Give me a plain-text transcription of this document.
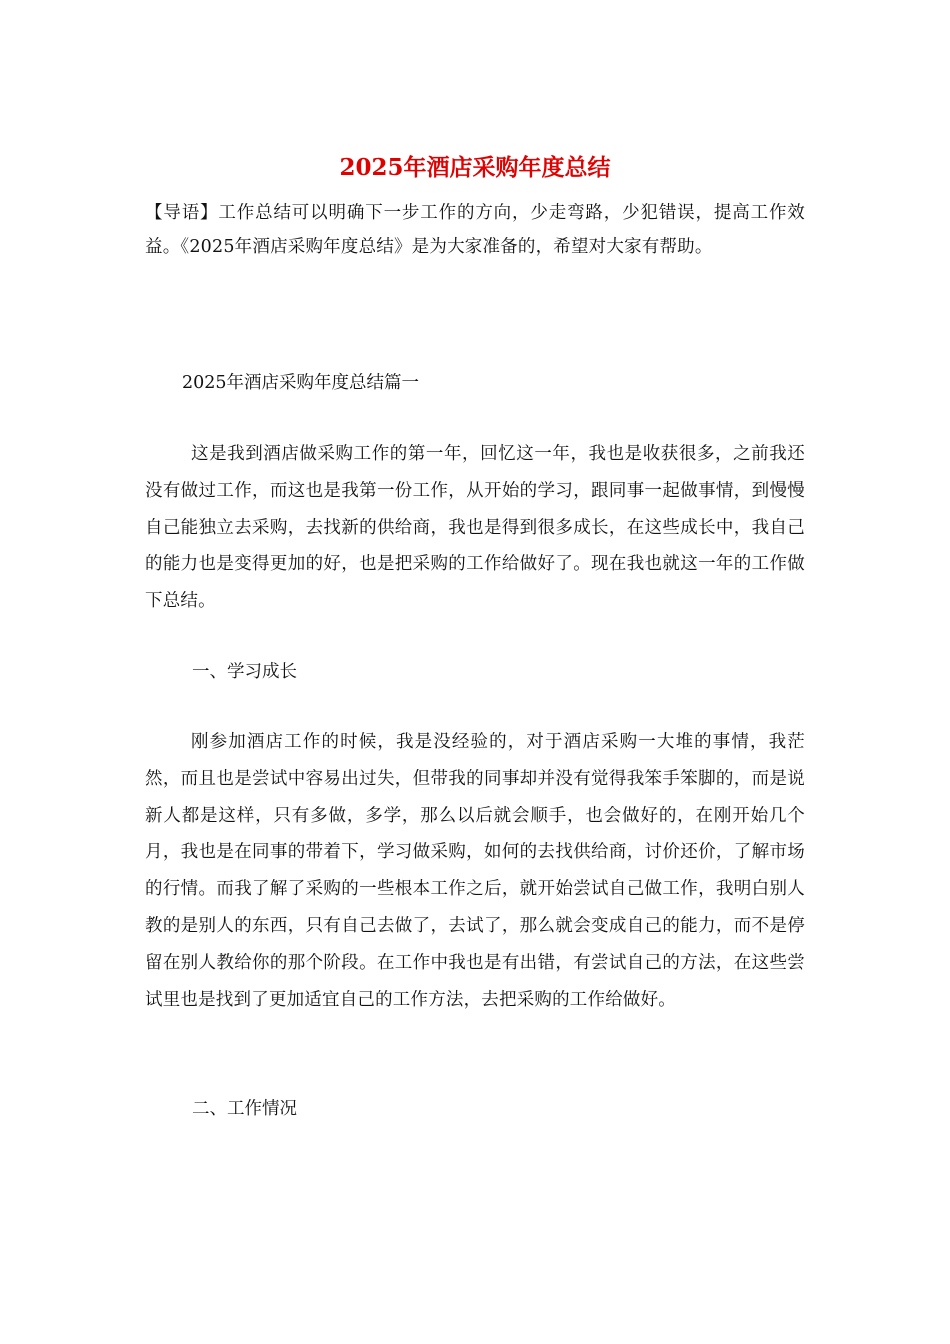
2025年酒店采购年度总结
【导语】工作总结可以明确下一步工作的方向，少走弯路，少犯错误，提高工作效益。《2025年酒店采购年度总结》是为大家准备的，希望对大家有帮助。
2025年酒店采购年度总结篇一
这是我到酒店做采购工作的第一年，回忆这一年，我也是收获很多，之前我还没有做过工作，而这也是我第一份工作，从开始的学习，跟同事一起做事情，到慢慢自己能独立去采购，去找新的供给商，我也是得到很多成长，在这些成长中，我自己的能力也是变得更加的好，也是把采购的工作给做好了。现在我也就这一年的工作做下总结。
一、学习成长
刚参加酒店工作的时候，我是没经验的，对于酒店采购一大堆的事情，我茫然，而且也是尝试中容易出过失，但带我的同事却并没有觉得我笨手笨脚的，而是说新人都是这样，只有多做，多学，那么以后就会顺手，也会做好的，在刚开始几个月，我也是在同事的带着下，学习做采购，如何的去找供给商，讨价还价，了解市场的行情。而我了解了采购的一些根本工作之后，就开始尝试自己做工作，我明白别人教的是别人的东西，只有自己去做了，去试了，那么就会变成自己的能力，而不是停留在别人教给你的那个阶段。在工作中我也是有出错，有尝试自己的方法，在这些尝试里也是找到了更加适宜自己的工作方法，去把采购的工作给做好。
二、工作情况
